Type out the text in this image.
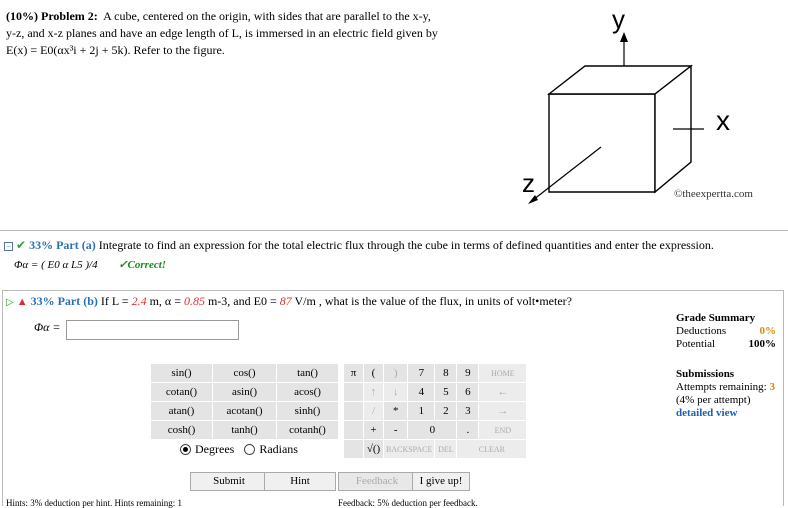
(10%) Problem 2: A cube, centered on the origin, with sides that are parallel to the x-y,
y-z, and x-z planes and have an edge length of L, is immersed in an electric field given by
E(x) = E0(αx³i + 2j + 5k). Refer to the figure.
y
x
z	©theexpertta.com
− ✔ 33% Part (a) Integrate to find an expression for the total electric flux through the cube in terms of defined quantities and enter the expression.
Φα = ( E0 α L5 )/4 ✓Correct!
▷ ▲ 33% Part (b) If L = 2.4 m, α = 0.85 m-3, and E0 = 87 V/m , what is the value of the flux, in units of volt•meter?
Φα =
Grade Summary
Deductions	0%
Potential	100%
Submissions
Attempts remaining: 3
(4% per attempt)
detailed view
sin()	cos()	tan()		π	(	)	7	8	9	HOME
cotan()	asin()	acos()			↑	↓	4	5	6	←
atan()	acotan()	sinh()			/	*	1	2	3	→
cosh()	tanh()	cotanh()			+	-	0		.	END
					√()	BACKSPACE		DEL	CLEAR	
Degrees Radians
Submit	Hint	Feedback	I give up!
Hints: 3% deduction per hint. Hints remaining: 1	Feedback: 5% deduction per feedback.
